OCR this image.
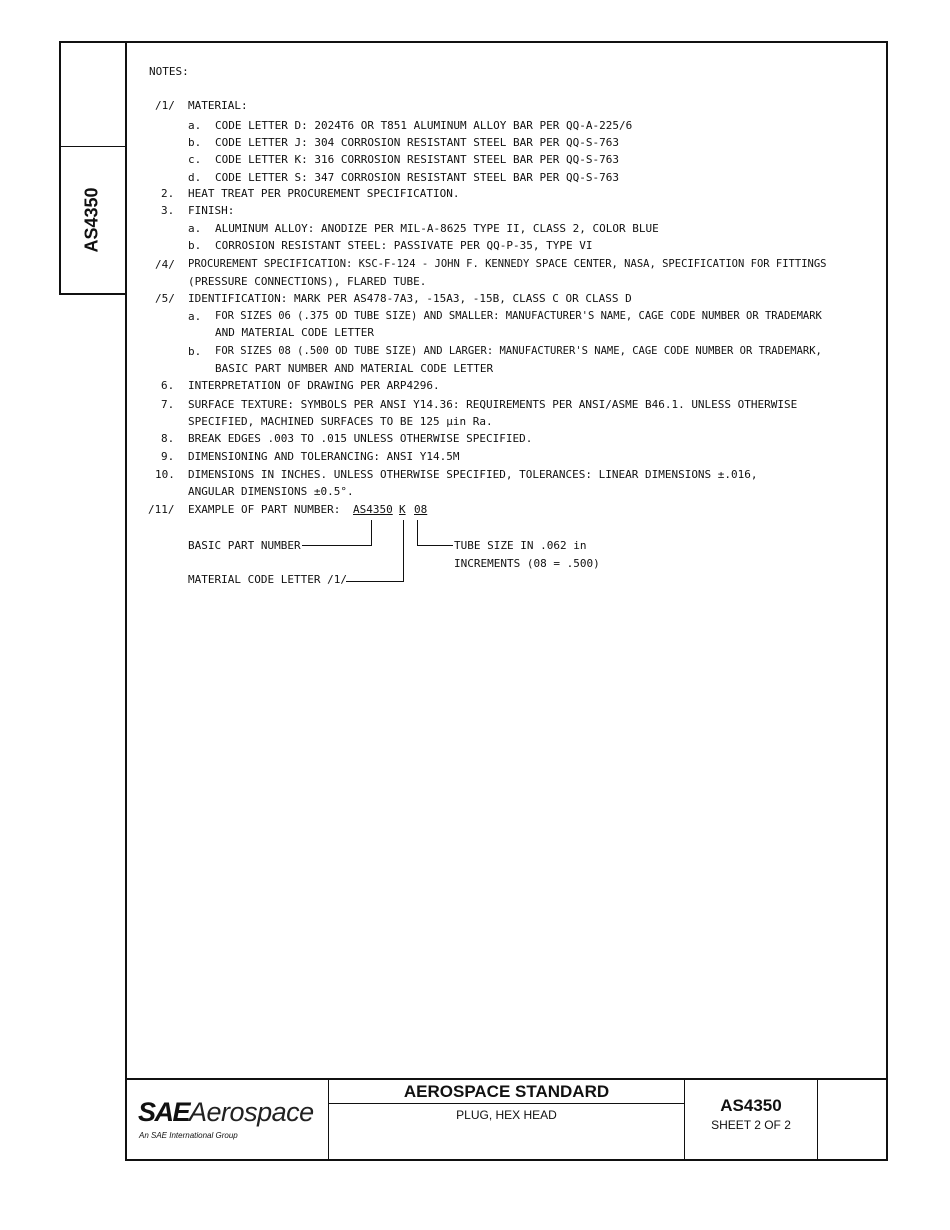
AS4350
NOTES:
/1/ MATERIAL:
a. CODE LETTER D: 2024T6 OR T851 ALUMINUM ALLOY BAR PER QQ-A-225/6
b. CODE LETTER J: 304 CORROSION RESISTANT STEEL BAR PER QQ-S-763
c. CODE LETTER K: 316 CORROSION RESISTANT STEEL BAR PER QQ-S-763
d. CODE LETTER S: 347 CORROSION RESISTANT STEEL BAR PER QQ-S-763
2. HEAT TREAT PER PROCUREMENT SPECIFICATION.
3. FINISH:
a. ALUMINUM ALLOY: ANODIZE PER MIL-A-8625 TYPE II, CLASS 2, COLOR BLUE
b. CORROSION RESISTANT STEEL: PASSIVATE PER QQ-P-35, TYPE VI
/4/ PROCUREMENT SPECIFICATION: KSC-F-124 - JOHN F. KENNEDY SPACE CENTER, NASA, SPECIFICATION FOR FITTINGS
(PRESSURE CONNECTIONS), FLARED TUBE.
/5/ IDENTIFICATION: MARK PER AS478-7A3, -15A3, -15B, CLASS C OR CLASS D
a. FOR SIZES 06 (.375 OD TUBE SIZE) AND SMALLER: MANUFACTURER'S NAME, CAGE CODE NUMBER OR TRADEMARK
AND MATERIAL CODE LETTER
b. FOR SIZES 08 (.500 OD TUBE SIZE) AND LARGER: MANUFACTURER'S NAME, CAGE CODE NUMBER OR TRADEMARK,
BASIC PART NUMBER AND MATERIAL CODE LETTER
6. INTERPRETATION OF DRAWING PER ARP4296.
7. SURFACE TEXTURE: SYMBOLS PER ANSI Y14.36: REQUIREMENTS PER ANSI/ASME B46.1. UNLESS OTHERWISE
SPECIFIED, MACHINED SURFACES TO BE 125 µin Ra.
8. BREAK EDGES .003 TO .015 UNLESS OTHERWISE SPECIFIED.
9. DIMENSIONING AND TOLERANCING: ANSI Y14.5M
10. DIMENSIONS IN INCHES. UNLESS OTHERWISE SPECIFIED, TOLERANCES: LINEAR DIMENSIONS ±.016,
ANGULAR DIMENSIONS ±0.5°.
/11/ EXAMPLE OF PART NUMBER: AS4350 K 08
BASIC PART NUMBER	TUBE SIZE IN .062 in
INCREMENTS (08 = .500)
MATERIAL CODE LETTER /1/
SAEAerospace
An SAE International Group
AEROSPACE STANDARD
PLUG, HEX HEAD	AS4350
SHEET 2 OF 2
